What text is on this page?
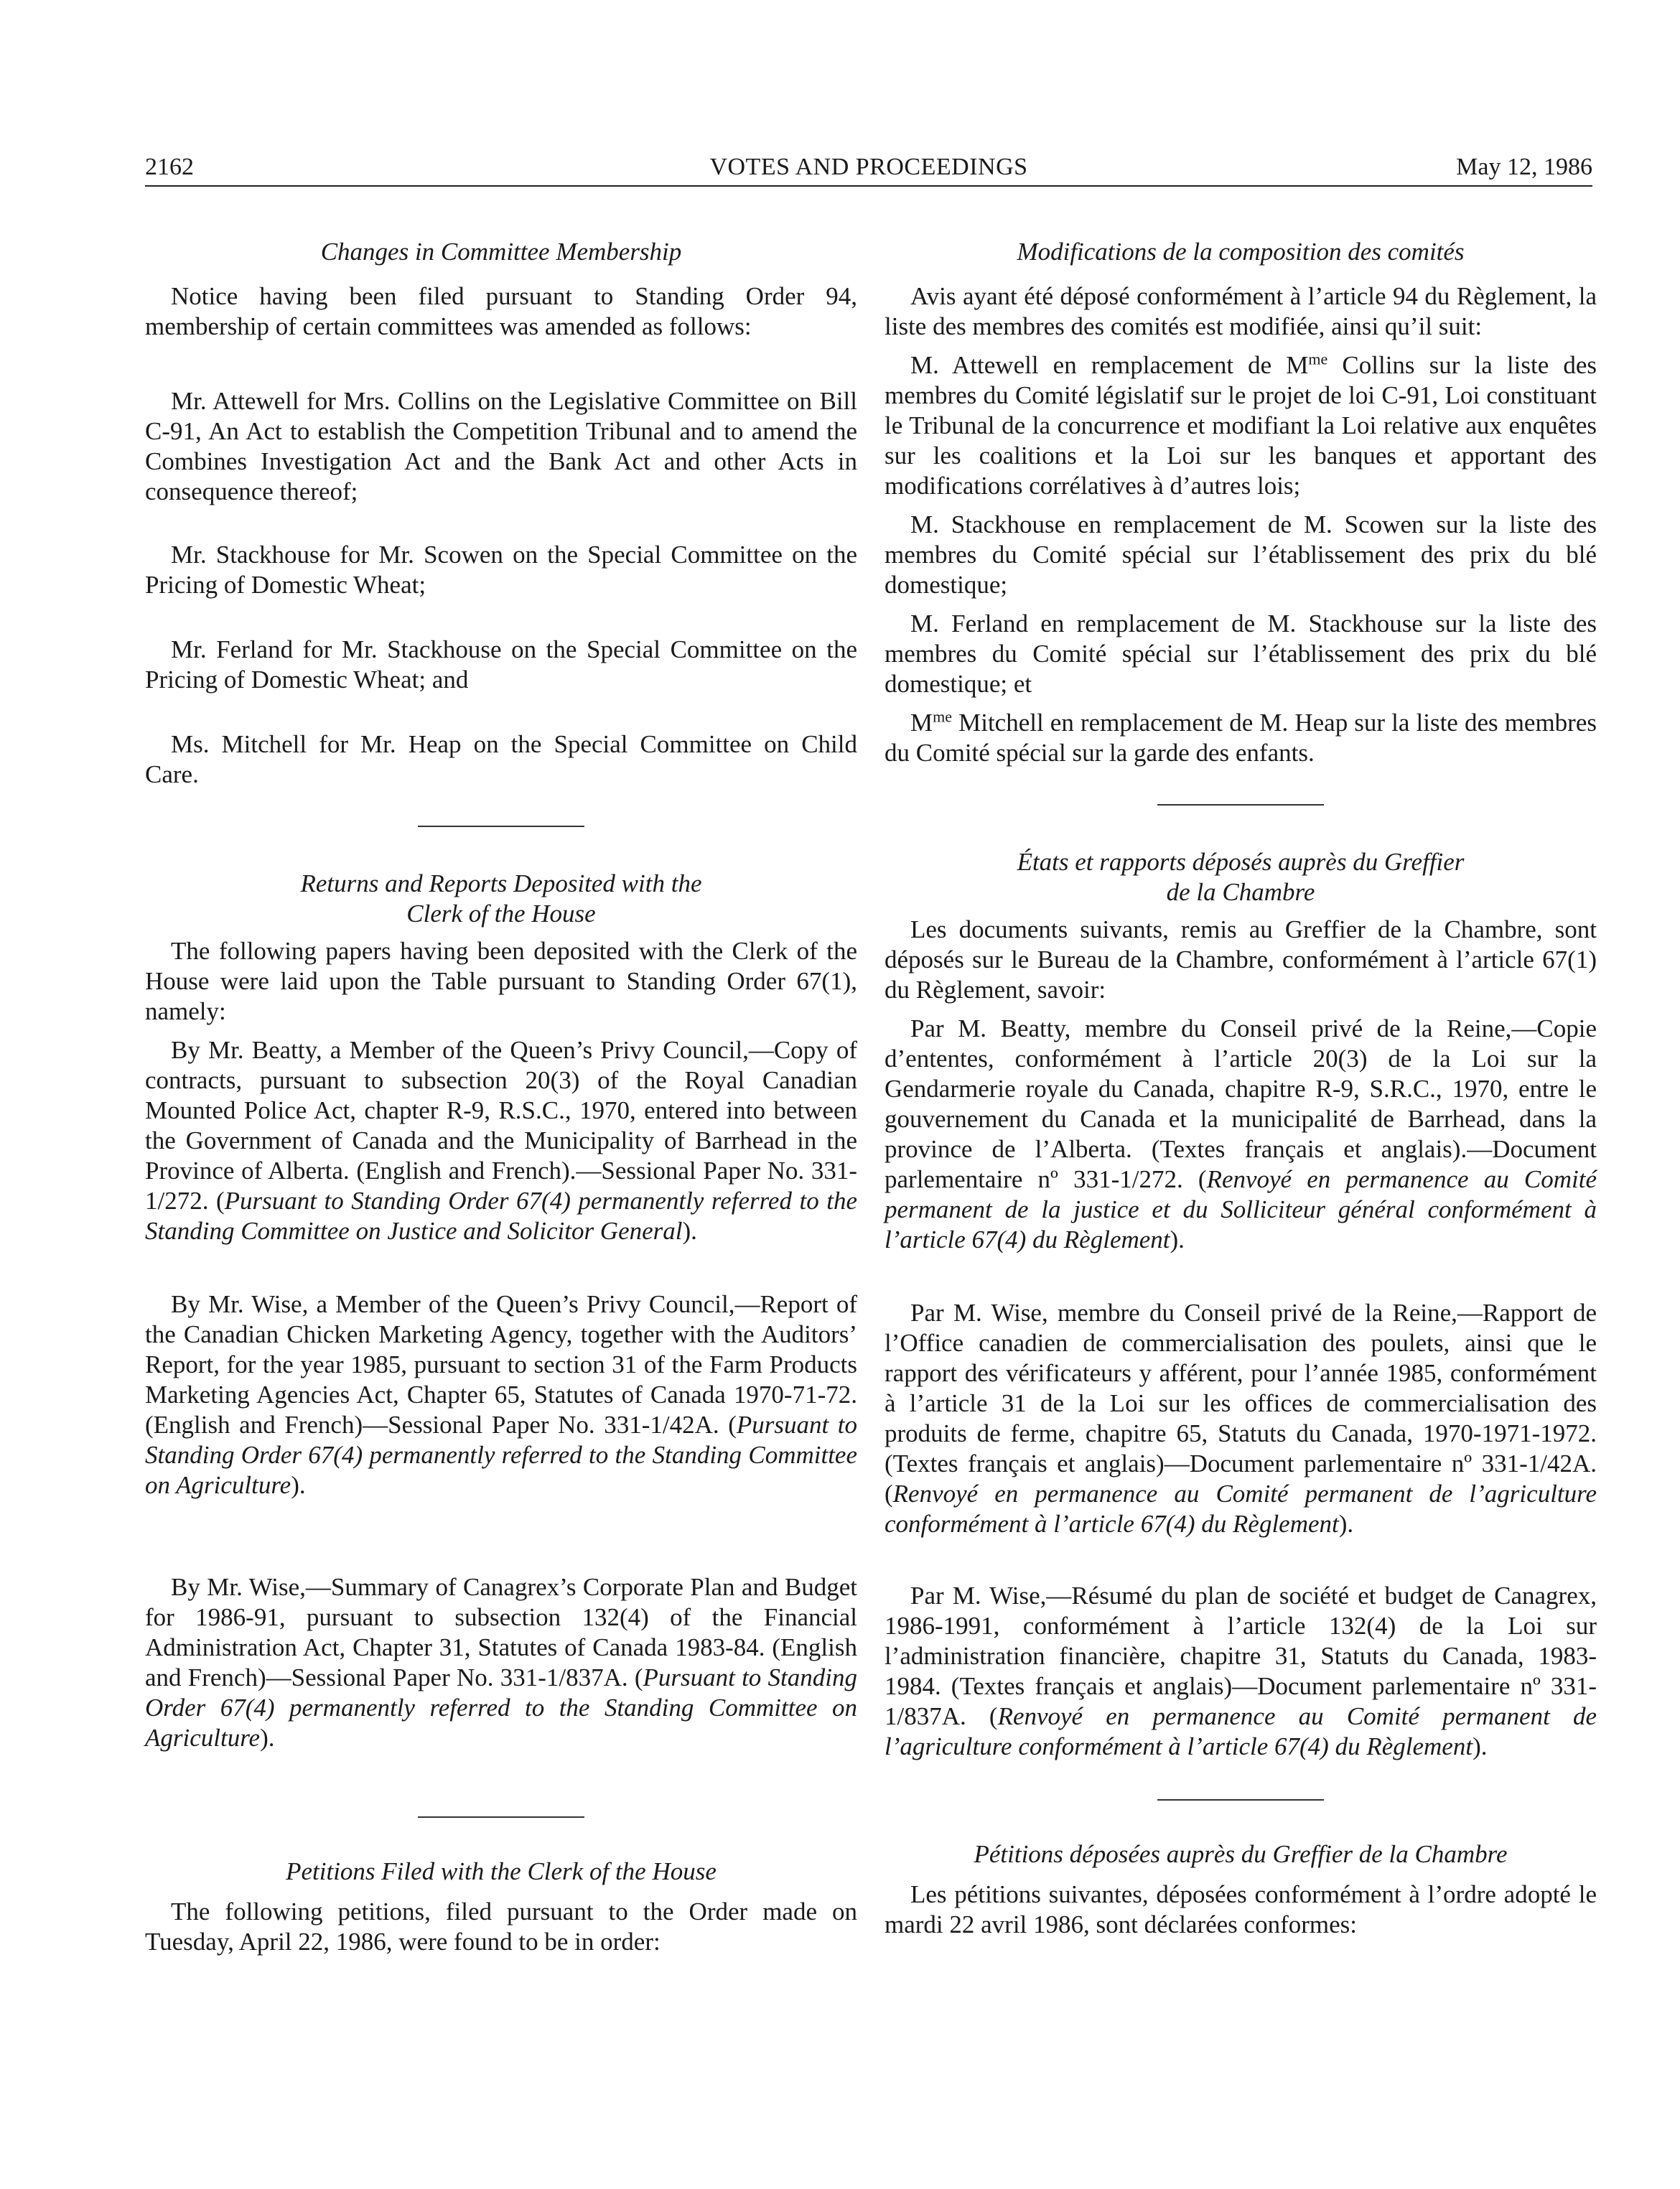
2162	VOTES AND PROCEEDINGS	May 12, 1986

Changes in Committee Membership

Notice having been filed pursuant to Standing Order 94, membership of certain committees was amended as follows:

Mr. Attewell for Mrs. Collins on the Legislative Committee on Bill C-91, An Act to establish the Competition Tribunal and to amend the Combines Investigation Act and the Bank Act and other Acts in consequence thereof;

Mr. Stackhouse for Mr. Scowen on the Special Committee on the Pricing of Domestic Wheat;

Mr. Ferland for Mr. Stackhouse on the Special Committee on the Pricing of Domestic Wheat; and

Ms. Mitchell for Mr. Heap on the Special Committee on Child Care.

Returns and Reports Deposited with the
Clerk of the House

The following papers having been deposited with the Clerk of the House were laid upon the Table pursuant to Standing Order 67(1), namely:

By Mr. Beatty, a Member of the Queen’s Privy Council,—Copy of contracts, pursuant to subsection 20(3) of the Royal Canadian Mounted Police Act, chapter R-9, R.S.C., 1970, entered into between the Government of Canada and the Municipality of Barrhead in the Province of Alberta. (English and French).—Sessional Paper No. 331-1/272. (Pursuant to Standing Order 67(4) permanently referred to the Standing Committee on Justice and Solicitor General).

By Mr. Wise, a Member of the Queen’s Privy Council,—Report of the Canadian Chicken Marketing Agency, together with the Auditors’ Report, for the year 1985, pursuant to section 31 of the Farm Products Marketing Agencies Act, Chapter 65, Statutes of Canada 1970-71-72. (English and French)—Sessional Paper No. 331-1/42A. (Pursuant to Standing Order 67(4) permanently referred to the Standing Committee on Agriculture).

By Mr. Wise,—Summary of Canagrex’s Corporate Plan and Budget for 1986-91, pursuant to subsection 132(4) of the Financial Administration Act, Chapter 31, Statutes of Canada 1983-84. (English and French)—Sessional Paper No. 331-1/837A. (Pursuant to Standing Order 67(4) permanently referred to the Standing Committee on Agriculture).

Petitions Filed with the Clerk of the House

The following petitions, filed pursuant to the Order made on Tuesday, April 22, 1986, were found to be in order:

Modifications de la composition des comités

Avis ayant été déposé conformément à l’article 94 du Règlement, la liste des membres des comités est modifiée, ainsi qu’il suit:

M. Attewell en remplacement de $M^{me}$ Collins sur la liste des membres du Comité législatif sur le projet de loi C-91, Loi constituant le Tribunal de la concurrence et modifiant la Loi relative aux enquêtes sur les coalitions et la Loi sur les banques et apportant des modifications corrélatives à d’autres lois;

M. Stackhouse en remplacement de M. Scowen sur la liste des membres du Comité spécial sur l’établissement des prix du blé domestique;

M. Ferland en remplacement de M. Stackhouse sur la liste des membres du Comité spécial sur l’établissement des prix du blé domestique; et

$M^{me}$ Mitchell en remplacement de M. Heap sur la liste des membres du Comité spécial sur la garde des enfants.

États et rapports déposés auprès du Greffier
de la Chambre

Les documents suivants, remis au Greffier de la Chambre, sont déposés sur le Bureau de la Chambre, conformément à l’article 67(1) du Règlement, savoir:

Par M. Beatty, membre du Conseil privé de la Reine,—Copie d’ententes, conformément à l’article 20(3) de la Loi sur la Gendarmerie royale du Canada, chapitre R-9, S.R.C., 1970, entre le gouvernement du Canada et la municipalité de Barrhead, dans la province de l’Alberta. (Textes français et anglais).—Document parlementaire nº 331-1/272. (Renvoyé en permanence au Comité permanent de la justice et du Solliciteur général conformément à l’article 67(4) du Règlement).

Par M. Wise, membre du Conseil privé de la Reine,—Rapport de l’Office canadien de commercialisation des poulets, ainsi que le rapport des vérificateurs y afférent, pour l’année 1985, conformément à l’article 31 de la Loi sur les offices de commercialisation des produits de ferme, chapitre 65, Statuts du Canada, 1970-1971-1972. (Textes français et anglais)—Document parlementaire nº 331-1/42A. (Renvoyé en permanence au Comité permanent de l’agriculture conformément à l’article 67(4) du Règlement).

Par M. Wise,—Résumé du plan de société et budget de Canagrex, 1986-1991, conformément à l’article 132(4) de la Loi sur l’administration financière, chapitre 31, Statuts du Canada, 1983-1984. (Textes français et anglais)—Document parlementaire nº 331-1/837A. (Renvoyé en permanence au Comité permanent de l’agriculture conformément à l’article 67(4) du Règlement).

Pétitions déposées auprès du Greffier de la Chambre

Les pétitions suivantes, déposées conformément à l’ordre adopté le mardi 22 avril 1986, sont déclarées conformes:
